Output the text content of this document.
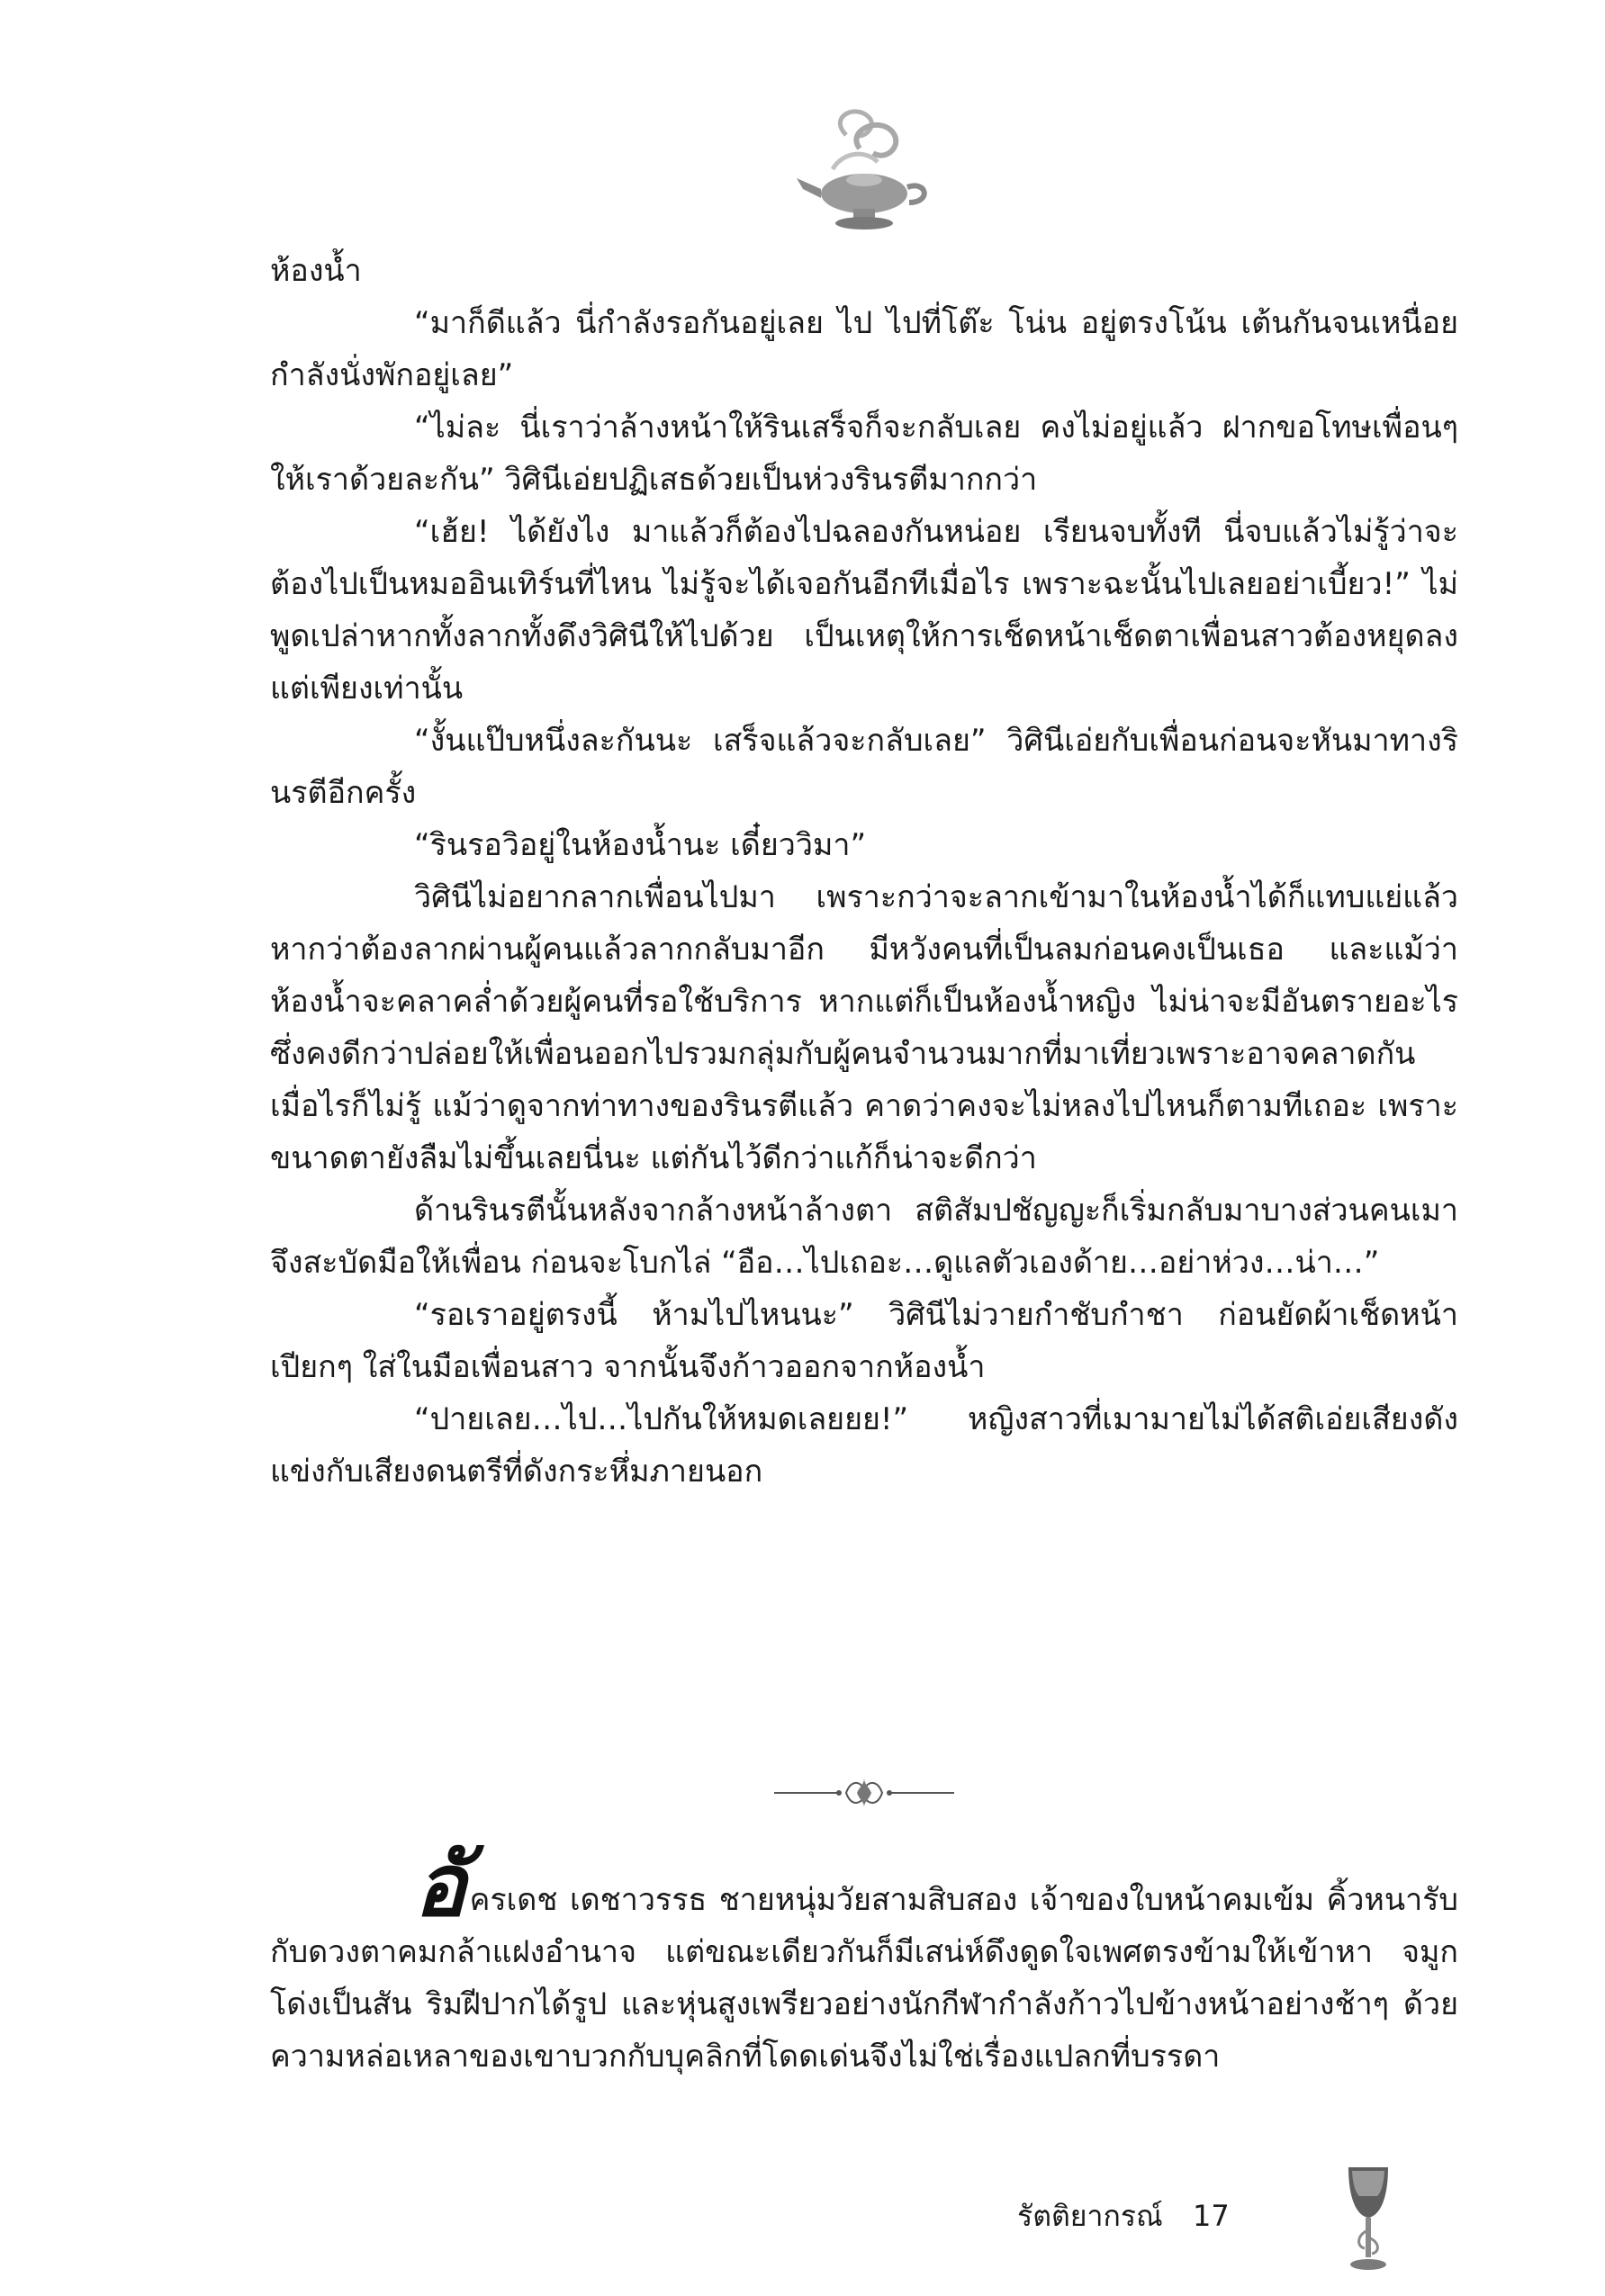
ห้องน้ำ

“มาก็ดีแล้ว นี่กำลังรอกันอยู่เลย ไป ไปที่โต๊ะ โน่น อยู่ตรงโน้น เต้นกันจนเหนื่อย กำลังนั่งพักอยู่เลย”

“ไม่ละ นี่เราว่าล้างหน้าให้รินเสร็จก็จะกลับเลย คงไม่อยู่แล้ว ฝากขอโทษเพื่อนๆ ให้เราด้วยละกัน” วิศินีเอ่ยปฏิเสธด้วยเป็นห่วงรินรตีมากกว่า

“เฮ้ย! ได้ยังไง มาแล้วก็ต้องไปฉลองกันหน่อย เรียนจบทั้งที นี่จบแล้วไม่รู้ว่าจะต้องไปเป็นหมออินเทิร์นที่ไหน ไม่รู้จะได้เจอกันอีกทีเมื่อไร เพราะฉะนั้นไปเลยอย่าเบี้ยว!” ไม่พูดเปล่าหากทั้งลากทั้งดึงวิศินีให้ไปด้วย เป็นเหตุให้การเช็ดหน้าเช็ดตาเพื่อนสาวต้องหยุดลงแต่เพียงเท่านั้น

“งั้นแป๊บหนึ่งละกันนะ เสร็จแล้วจะกลับเลย” วิศินีเอ่ยกับเพื่อนก่อนจะหันมาทางรินรตีอีกครั้ง

“รินรอวิอยู่ในห้องน้ำนะ เดี๋ยววิมา”

วิศินีไม่อยากลากเพื่อนไปมา เพราะกว่าจะลากเข้ามาในห้องน้ำได้ก็แทบแย่แล้ว หากว่าต้องลากผ่านผู้คนแล้วลากกลับมาอีก มีหวังคนที่เป็นลมก่อนคงเป็นเธอ และแม้ว่าห้องน้ำจะคลาคล่ำด้วยผู้คนที่รอใช้บริการ หากแต่ก็เป็นห้องน้ำหญิง ไม่น่าจะมีอันตรายอะไร ซึ่งคงดีกว่าปล่อยให้เพื่อนออกไปรวมกลุ่มกับผู้คนจำนวนมากที่มาเที่ยวเพราะอาจคลาดกันเมื่อไรก็ไม่รู้ แม้ว่าดูจากท่าทางของรินรตีแล้ว คาดว่าคงจะไม่หลงไปไหนก็ตามทีเถอะ เพราะขนาดตายังลืมไม่ขึ้นเลยนี่นะ แต่กันไว้ดีกว่าแก้ก็น่าจะดีกว่า

ด้านรินรตีนั้นหลังจากล้างหน้าล้างตา สติสัมปชัญญะก็เริ่มกลับมาบางส่วนคนเมาจึงสะบัดมือให้เพื่อน ก่อนจะโบกไล่ “อือ…ไปเถอะ…ดูแลตัวเองด้าย…อย่าห่วง…น่า…”

“รอเราอยู่ตรงนี้ ห้ามไปไหนนะ” วิศินีไม่วายกำชับกำชา ก่อนยัดผ้าเช็ดหน้าเปียกๆ ใส่ในมือเพื่อนสาว จากนั้นจึงก้าวออกจากห้องน้ำ

“ปายเลย…ไป…ไปกันให้หมดเลยยย!” หญิงสาวที่เมามายไม่ได้สติเอ่ยเสียงดังแข่งกับเสียงดนตรีที่ดังกระหึ่มภายนอก

อัครเดช เดชาวรรธ ชายหนุ่มวัยสามสิบสอง เจ้าของใบหน้าคมเข้ม คิ้วหนารับกับดวงตาคมกล้าแฝงอำนาจ แต่ขณะเดียวกันก็มีเสน่ห์ดึงดูดใจเพศตรงข้ามให้เข้าหา จมูกโด่งเป็นสัน ริมฝีปากได้รูป และหุ่นสูงเพรียวอย่างนักกีฬากำลังก้าวไปข้างหน้าอย่างช้าๆ ด้วยความหล่อเหลาของเขาบวกกับบุคลิกที่โดดเด่นจึงไม่ใช่เรื่องแปลกที่บรรดา

รัตติยากรณ์ 17
